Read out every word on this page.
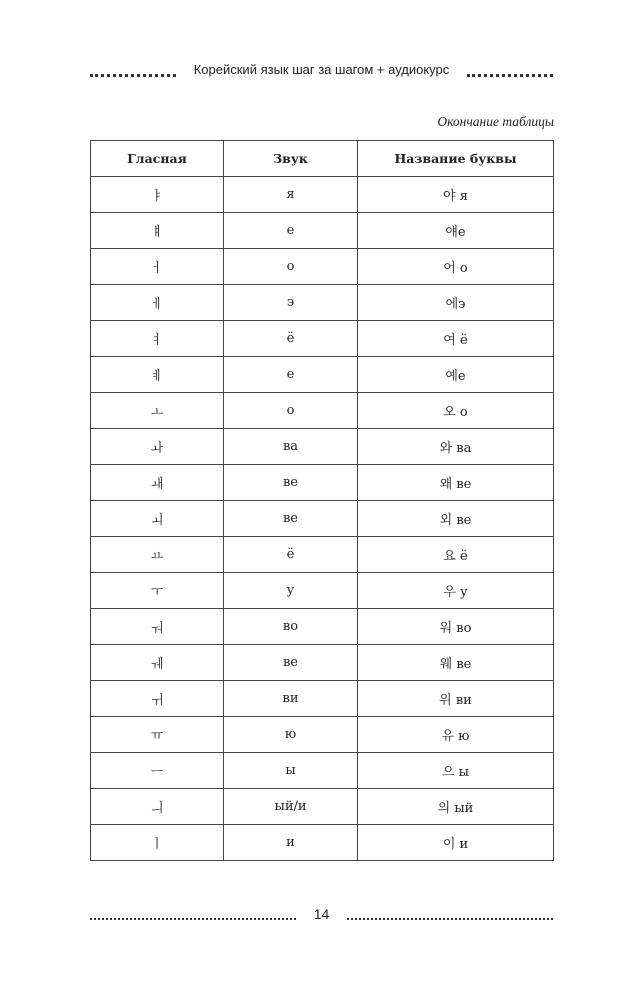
Корейский язык шаг за шагом + аудиокурс
Окончание таблицы
Гласная	Звук	Название буквы
ㅑ	я	야 я
ㅒ	е	얘е
ㅓ	о	어 о
ㅔ	э	에э
ㅕ	ё	여 ё
ㅖ	е	예е
ㅗ	о	오 о
ㅘ	ва	와 ва
ㅙ	ве	왜 ве
ㅚ	ве	외 ве
ㅛ	ё	요 ё
ㅜ	у	우 у
ㅝ	во	워 во
ㅞ	ве	웨 ве
ㅟ	ви	위 ви
ㅠ	ю	유 ю
ㅡ	ы	으 ы
ㅢ	ый/и	의 ый
ㅣ	и	이 и
14
